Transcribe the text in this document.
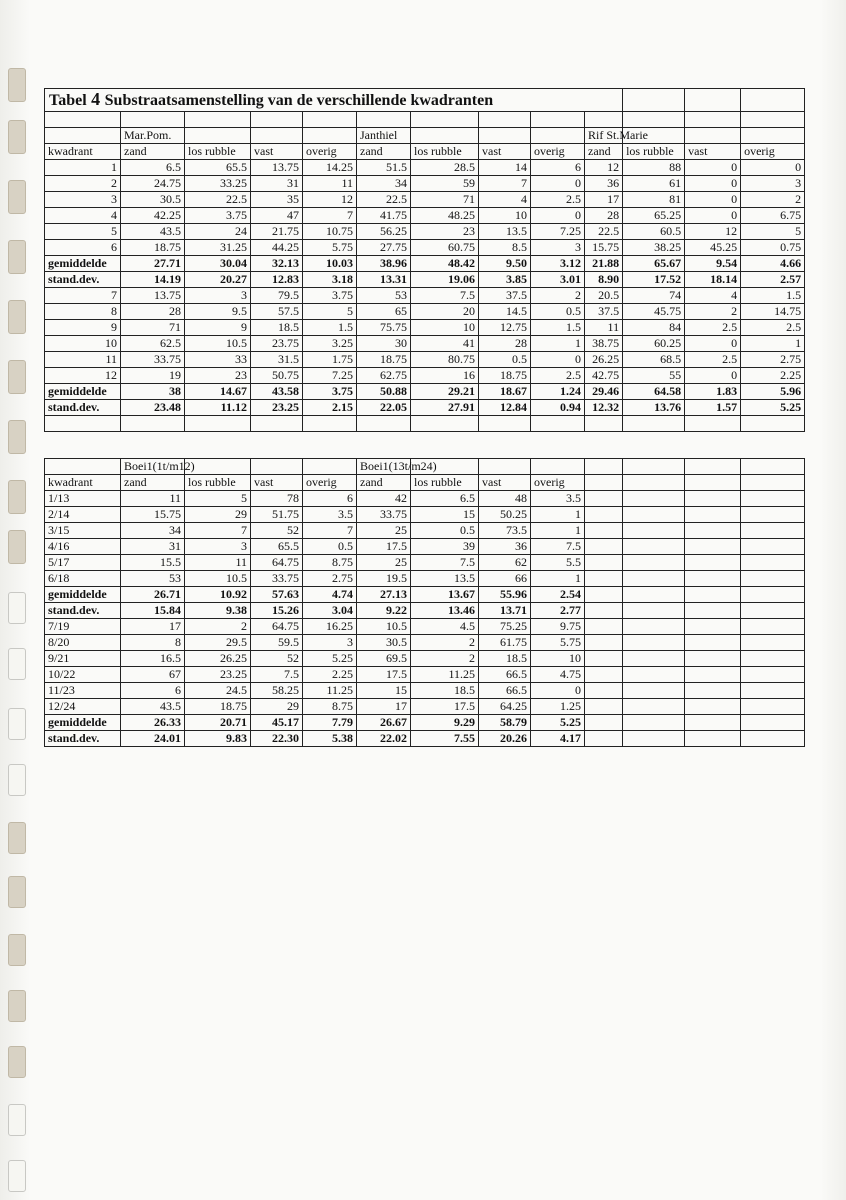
Tabel 4 Substraatsamenstelling van de verschillende kwadranten												

	Mar.Pom.				Janthiel				Rif St.Marie			
kwadrant	zand	los rubble	vast	overig	zand	los rubble	vast	overig	zand	los rubble	vast	overig
1	6.5	65.5	13.75	14.25	51.5	28.5	14	6	12	88	0	0
2	24.75	33.25	31	11	34	59	7	0	36	61	0	3
3	30.5	22.5	35	12	22.5	71	4	2.5	17	81	0	2
4	42.25	3.75	47	7	41.75	48.25	10	0	28	65.25	0	6.75
5	43.5	24	21.75	10.75	56.25	23	13.5	7.25	22.5	60.5	12	5
6	18.75	31.25	44.25	5.75	27.75	60.75	8.5	3	15.75	38.25	45.25	0.75
gemiddelde	27.71	30.04	32.13	10.03	38.96	48.42	9.50	3.12	21.88	65.67	9.54	4.66
stand.dev.	14.19	20.27	12.83	3.18	13.31	19.06	3.85	3.01	8.90	17.52	18.14	2.57
7	13.75	3	79.5	3.75	53	7.5	37.5	2	20.5	74	4	1.5
8	28	9.5	57.5	5	65	20	14.5	0.5	37.5	45.75	2	14.75
9	71	9	18.5	1.5	75.75	10	12.75	1.5	11	84	2.5	2.5
10	62.5	10.5	23.75	3.25	30	41	28	1	38.75	60.25	0	1
11	33.75	33	31.5	1.75	18.75	80.75	0.5	0	26.25	68.5	2.5	2.75
12	19	23	50.75	7.25	62.75	16	18.75	2.5	42.75	55	0	2.25
gemiddelde	38	14.67	43.58	3.75	50.88	29.21	18.67	1.24	29.46	64.58	1.83	5.96
stand.dev.	23.48	11.12	23.25	2.15	22.05	27.91	12.84	0.94	12.32	13.76	1.57	5.25

	Boei1(1t/m12)				Boei1(13t/m24)							
kwadrant	zand	los rubble	vast	overig	zand	los rubble	vast	overig				
1/13	11	5	78	6	42	6.5	48	3.5				
2/14	15.75	29	51.75	3.5	33.75	15	50.25	1				
3/15	34	7	52	7	25	0.5	73.5	1				
4/16	31	3	65.5	0.5	17.5	39	36	7.5				
5/17	15.5	11	64.75	8.75	25	7.5	62	5.5				
6/18	53	10.5	33.75	2.75	19.5	13.5	66	1				
gemiddelde	26.71	10.92	57.63	4.74	27.13	13.67	55.96	2.54				
stand.dev.	15.84	9.38	15.26	3.04	9.22	13.46	13.71	2.77				
7/19	17	2	64.75	16.25	10.5	4.5	75.25	9.75				
8/20	8	29.5	59.5	3	30.5	2	61.75	5.75				
9/21	16.5	26.25	52	5.25	69.5	2	18.5	10				
10/22	67	23.25	7.5	2.25	17.5	11.25	66.5	4.75				
11/23	6	24.5	58.25	11.25	15	18.5	66.5	0				
12/24	43.5	18.75	29	8.75	17	17.5	64.25	1.25				
gemiddelde	26.33	20.71	45.17	7.79	26.67	9.29	58.79	5.25				
stand.dev.	24.01	9.83	22.30	5.38	22.02	7.55	20.26	4.17				
